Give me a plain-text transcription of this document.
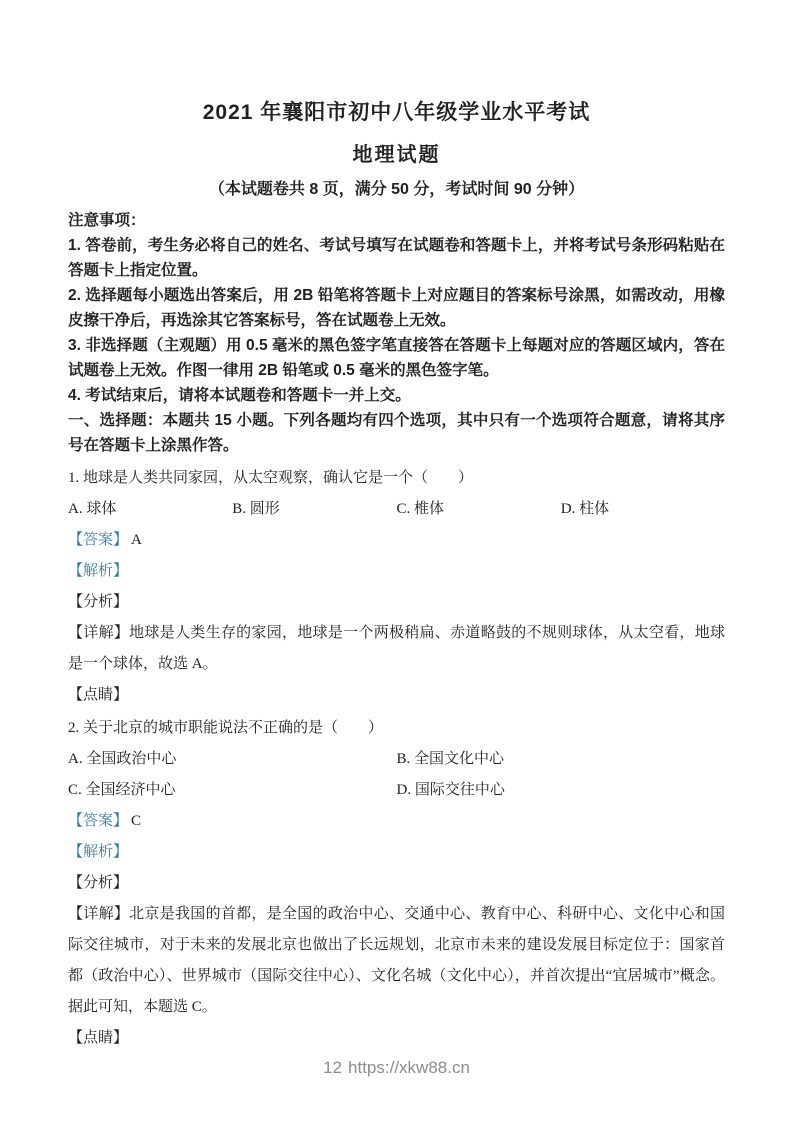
2021 年襄阳市初中八年级学业水平考试
地理试题

（本试题卷共 8 页，满分 50 分，考试时间 90 分钟）

注意事项：

1. 答卷前，考生务必将自己的姓名、考试号填写在试题卷和答题卡上，并将考试号条形码粘贴在答题卡上指定位置。

2. 选择题每小题选出答案后，用 2B 铅笔将答题卡上对应题目的答案标号涂黑，如需改动，用橡皮擦干净后，再选涂其它答案标号，答在试题卷上无效。

3. 非选择题（主观题）用 0.5 毫米的黑色签字笔直接答在答题卡上每题对应的答题区域内，答在试题卷上无效。作图一律用 2B 铅笔或 0.5 毫米的黑色签字笔。

4. 考试结束后，请将本试题卷和答题卡一并上交。

一、选择题：本题共 15 小题。下列各题均有四个选项，其中只有一个选项符合题意，请将其序号在答题卡上涂黑作答。

1. 地球是人类共同家园，从太空观察，确认它是一个（　　）

A. 球体	B. 圆形	C. 椎体	D. 柱体

【答案】 A

【解析】

【分析】

【详解】地球是人类生存的家园，地球是一个两极稍扁、赤道略鼓的不规则球体，从太空看，地球是一个球体，故选 A。

【点睛】

2. 关于北京的城市职能说法不正确的是（　　）

A. 全国政治中心	B. 全国文化中心
C. 全国经济中心	D. 国际交往中心

【答案】 C

【解析】

【分析】

【详解】北京是我国的首都，是全国的政治中心、交通中心、教育中心、科研中心、文化中心和国际交往城市，对于未来的发展北京也做出了长远规划，北京市未来的建设发展目标定位于：国家首都（政治中心）、世界城市（国际交往中心）、文化名城（文化中心），并首次提出“宜居城市”概念。据此可知，本题选 C。

【点睛】

12 https://xkw88.cn
